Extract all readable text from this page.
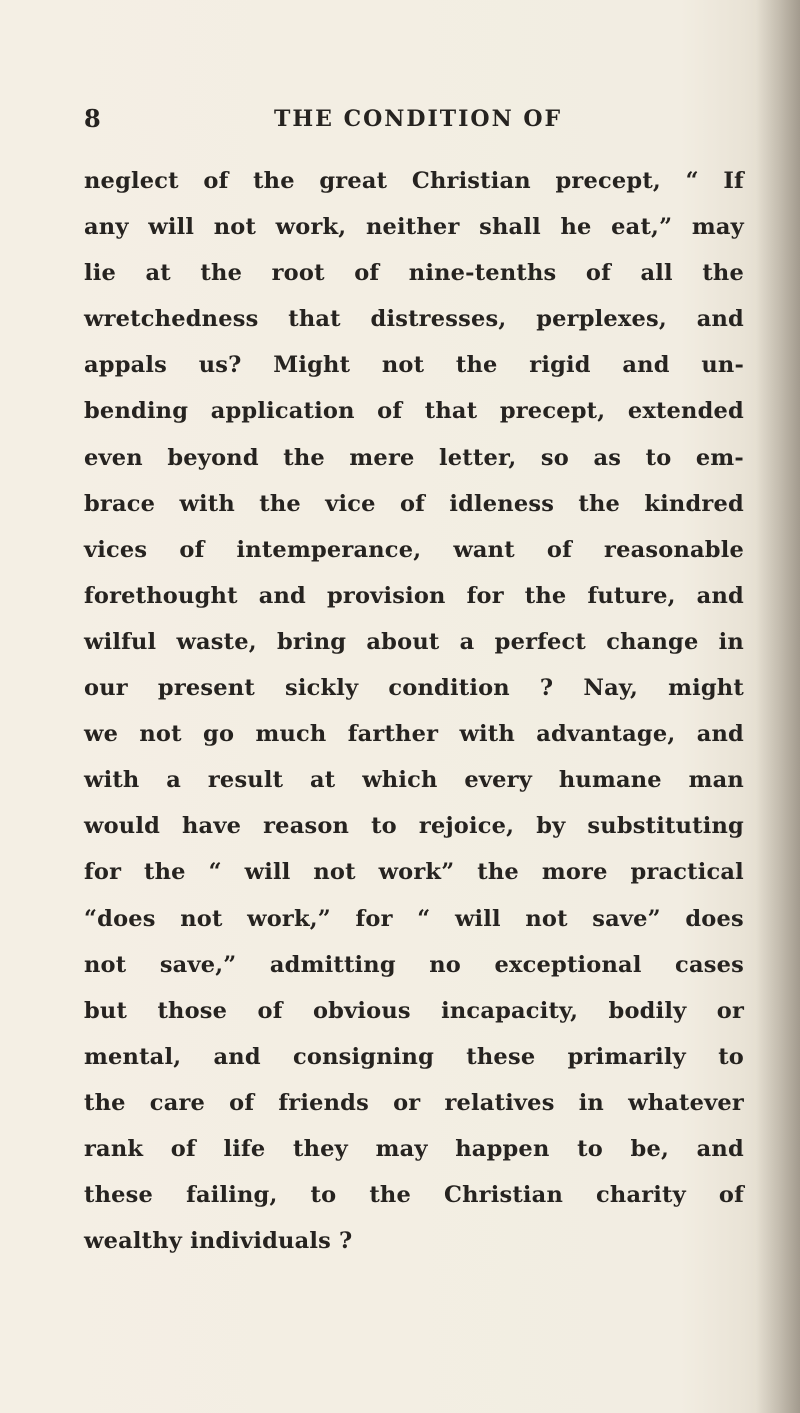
8	THE CONDITION OF
neglect of the great Christian precept, “ If
any will not work, neither shall he eat,” may
lie at the root of nine-tenths of all the
wretchedness that distresses, perplexes, and
appals us? Might not the rigid and un-
bending application of that precept, extended
even beyond the mere letter, so as to em-
brace with the vice of idleness the kindred
vices of intemperance, want of reasonable
forethought and provision for the future, and
wilful waste, bring about a perfect change in
our present sickly condition ? Nay, might
we not go much farther with advantage, and
with a result at which every humane man
would have reason to rejoice, by substituting
for the “ will not work” the more practical
“does not work,” for “ will not save” does
not save,” admitting no exceptional cases
but those of obvious incapacity, bodily or
mental, and consigning these primarily to
the care of friends or relatives in whatever
rank of life they may happen to be, and
these failing, to the Christian charity of
wealthy individuals ?
